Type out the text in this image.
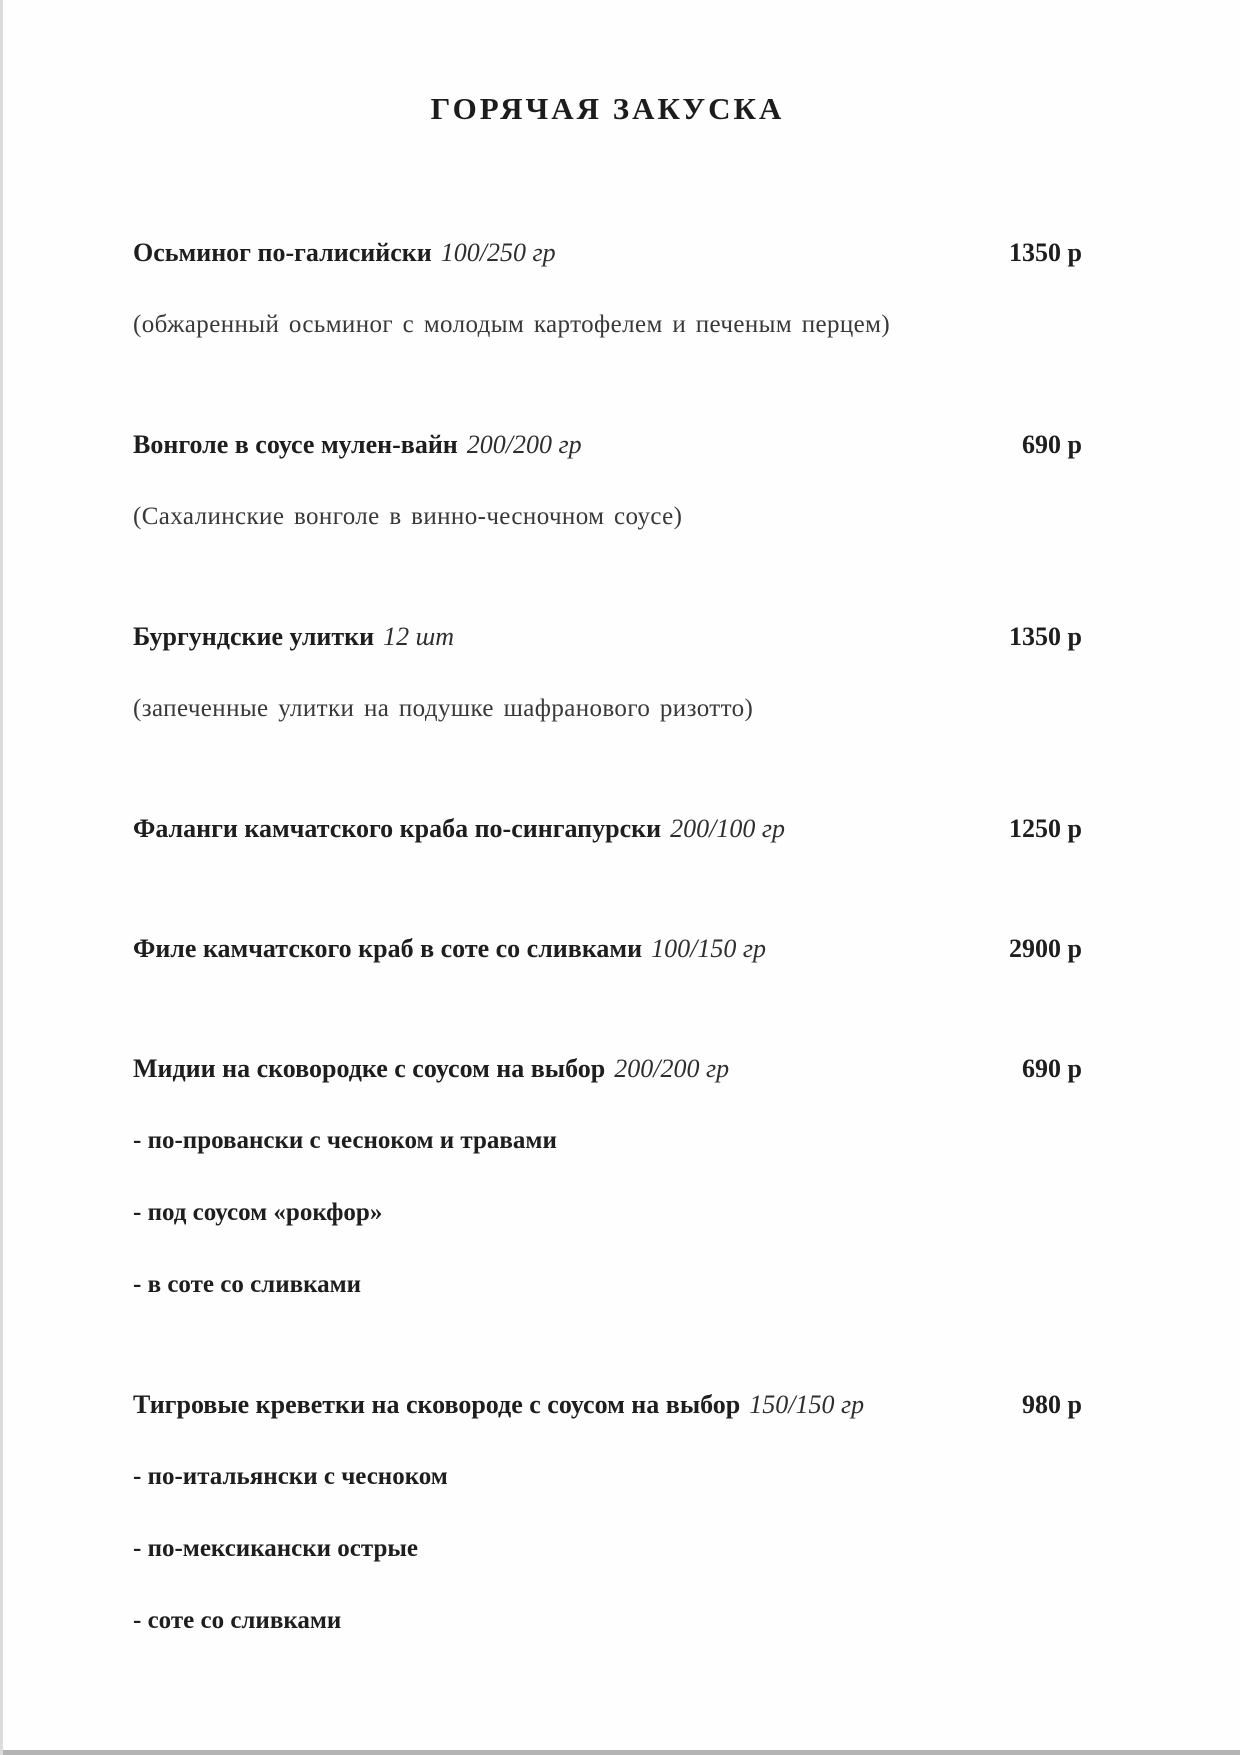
ГОРЯЧАЯ ЗАКУСКА
Осьминог по-галисийски 100/250 гр	1350 р
(обжаренный осьминог с молодым картофелем и печеным перцем)
Вонголе в соусе мулен-вайн 200/200 гр	690 р
(Сахалинские вонголе в винно-чесночном соусе)
Бургундские улитки 12 шт	1350 р
(запеченные улитки на подушке шафранового ризотто)
Фаланги камчатского краба по-сингапурски 200/100 гр	1250 р
Филе камчатского краб в соте со сливками 100/150 гр	2900 р
Мидии на сковородке с соусом на выбор 200/200 гр	690 р
- по-провански с чесноком и травами
- под соусом «рокфор»
- в соте со сливками
Тигровые креветки на сковороде с соусом на выбор 150/150 гр	980 р
- по-итальянски с чесноком
- по-мексикански острые
- соте со сливками
